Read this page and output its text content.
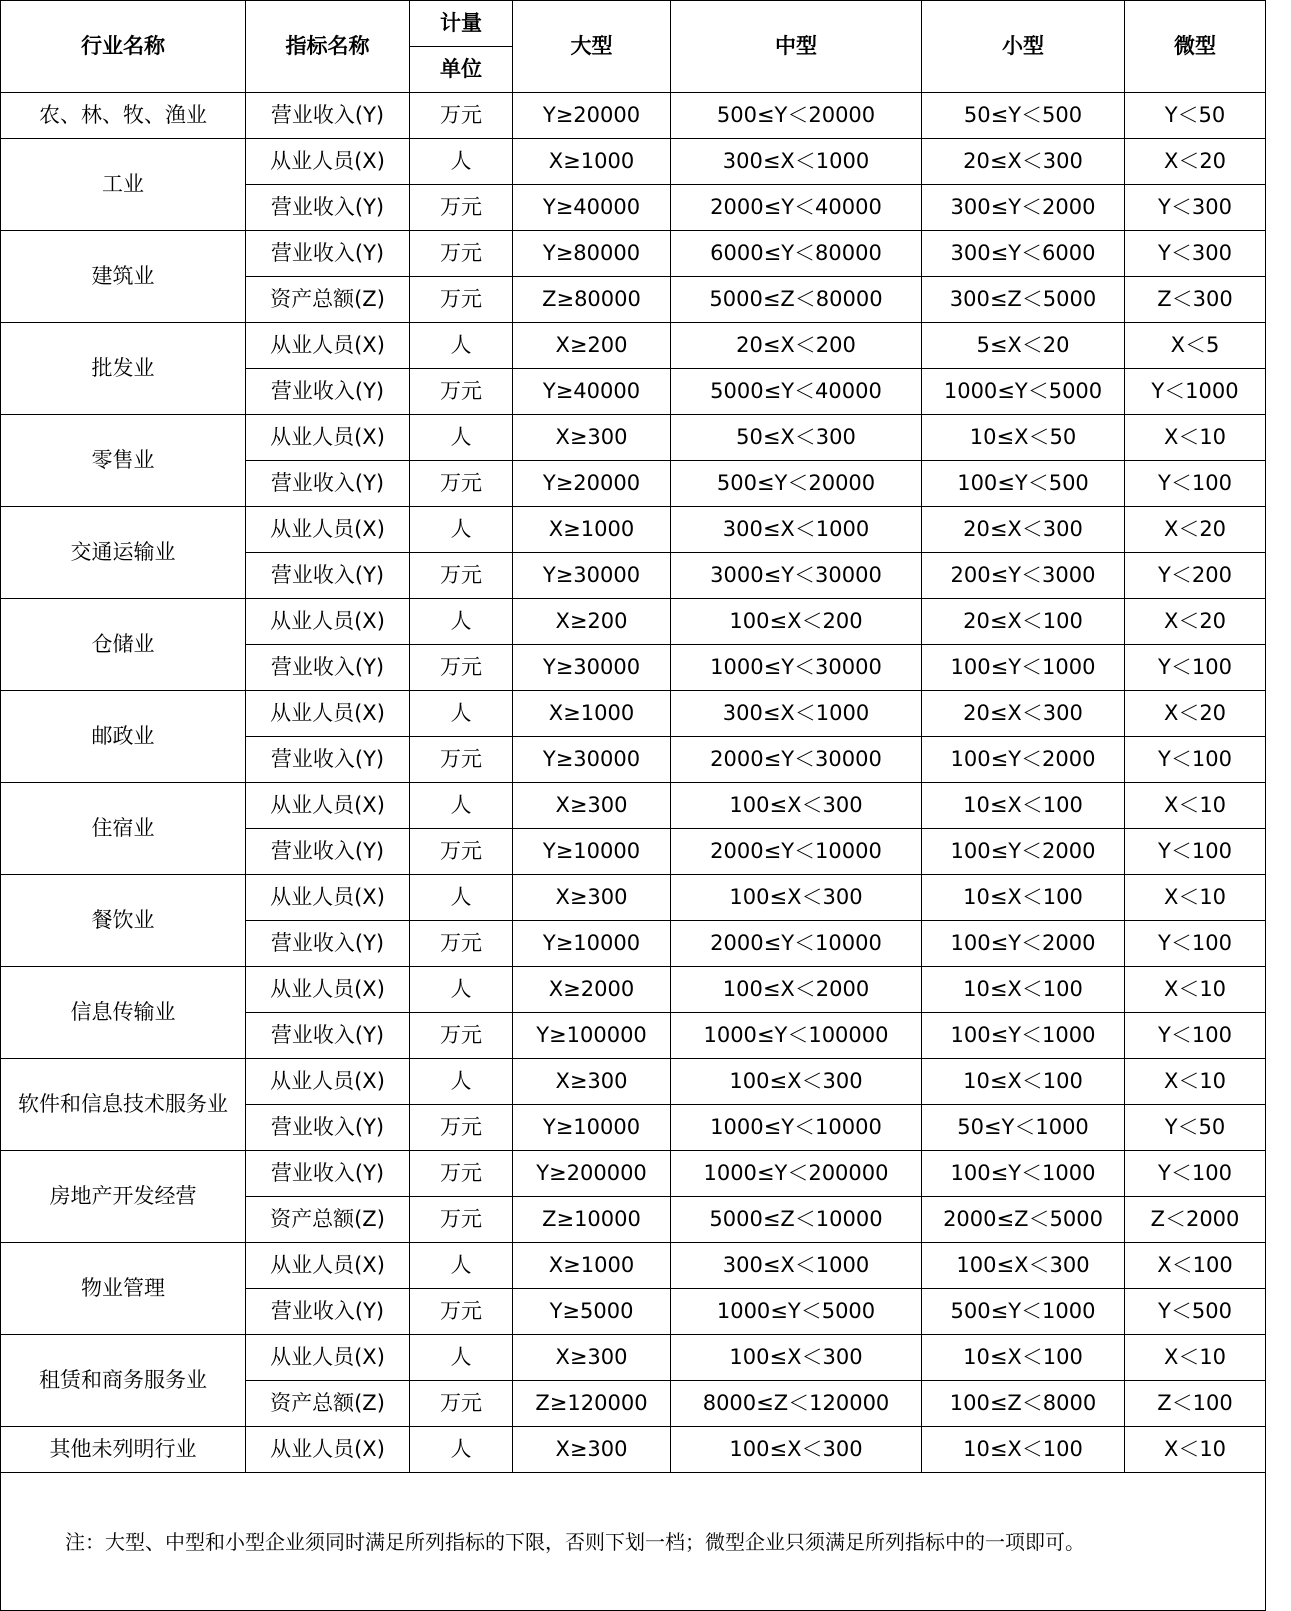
行业名称	指标名称	计量	大型	中型	小型	微型
		单位				
农、林、牧、渔业	营业收入(Y)	万元	Y≥20000	500≤Y＜20000	50≤Y＜500	Y＜50
工业	从业人员(X)	人	X≥1000	300≤X＜1000	20≤X＜300	X＜20
	营业收入(Y)	万元	Y≥40000	2000≤Y＜40000	300≤Y＜2000	Y＜300
建筑业	营业收入(Y)	万元	Y≥80000	6000≤Y＜80000	300≤Y＜6000	Y＜300
	资产总额(Z)	万元	Z≥80000	5000≤Z＜80000	300≤Z＜5000	Z＜300
批发业	从业人员(X)	人	X≥200	20≤X＜200	5≤X＜20	X＜5
	营业收入(Y)	万元	Y≥40000	5000≤Y＜40000	1000≤Y＜5000	Y＜1000
零售业	从业人员(X)	人	X≥300	50≤X＜300	10≤X＜50	X＜10
	营业收入(Y)	万元	Y≥20000	500≤Y＜20000	100≤Y＜500	Y＜100
交通运输业	从业人员(X)	人	X≥1000	300≤X＜1000	20≤X＜300	X＜20
	营业收入(Y)	万元	Y≥30000	3000≤Y＜30000	200≤Y＜3000	Y＜200
仓储业	从业人员(X)	人	X≥200	100≤X＜200	20≤X＜100	X＜20
	营业收入(Y)	万元	Y≥30000	1000≤Y＜30000	100≤Y＜1000	Y＜100
邮政业	从业人员(X)	人	X≥1000	300≤X＜1000	20≤X＜300	X＜20
	营业收入(Y)	万元	Y≥30000	2000≤Y＜30000	100≤Y＜2000	Y＜100
住宿业	从业人员(X)	人	X≥300	100≤X＜300	10≤X＜100	X＜10
	营业收入(Y)	万元	Y≥10000	2000≤Y＜10000	100≤Y＜2000	Y＜100
餐饮业	从业人员(X)	人	X≥300	100≤X＜300	10≤X＜100	X＜10
	营业收入(Y)	万元	Y≥10000	2000≤Y＜10000	100≤Y＜2000	Y＜100
信息传输业	从业人员(X)	人	X≥2000	100≤X＜2000	10≤X＜100	X＜10
	营业收入(Y)	万元	Y≥100000	1000≤Y＜100000	100≤Y＜1000	Y＜100
软件和信息技术服务业	从业人员(X)	人	X≥300	100≤X＜300	10≤X＜100	X＜10
	营业收入(Y)	万元	Y≥10000	1000≤Y＜10000	50≤Y＜1000	Y＜50
房地产开发经营	营业收入(Y)	万元	Y≥200000	1000≤Y＜200000	100≤Y＜1000	Y＜100
	资产总额(Z)	万元	Z≥10000	5000≤Z＜10000	2000≤Z＜5000	Z＜2000
物业管理	从业人员(X)	人	X≥1000	300≤X＜1000	100≤X＜300	X＜100
	营业收入(Y)	万元	Y≥5000	1000≤Y＜5000	500≤Y＜1000	Y＜500
租赁和商务服务业	从业人员(X)	人	X≥300	100≤X＜300	10≤X＜100	X＜10
	资产总额(Z)	万元	Z≥120000	8000≤Z＜120000	100≤Z＜8000	Z＜100
其他未列明行业	从业人员(X)	人	X≥300	100≤X＜300	10≤X＜100	X＜10
注：大型、中型和小型企业须同时满足所列指标的下限，否则下划一档；微型企业只须满足所列指标中的一项即可。						
